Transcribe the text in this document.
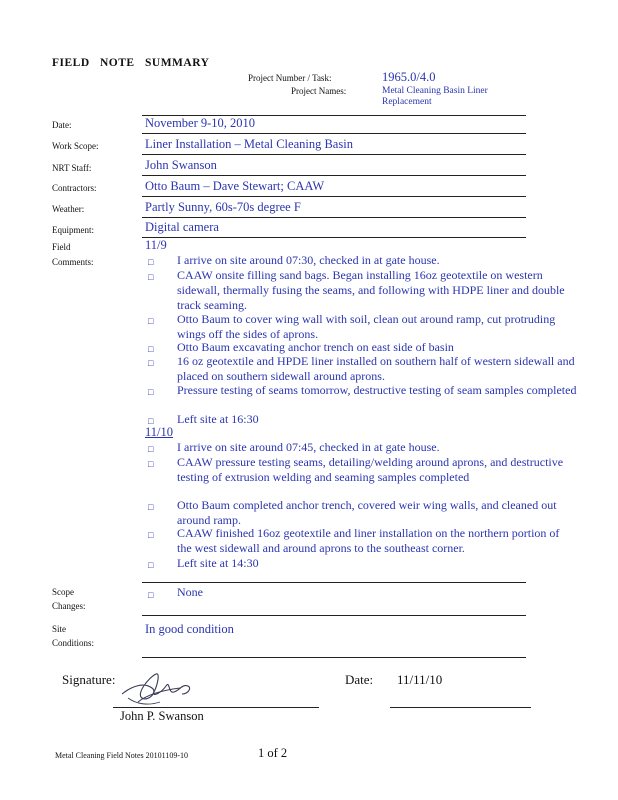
FIELD NOTE SUMMARY
Project Number / Task:	1965.0/4.0
Project Names:	Metal Cleaning Basin Liner
Replacement
Date:	November 9-10, 2010
Work Scope:	Liner Installation – Metal Cleaning Basin
NRT Staff:	John Swanson
Contractors:	Otto Baum – Dave Stewart; CAAW
Weather:	Partly Sunny, 60s-70s degree F
Equipment:	Digital camera
Field
Comments:
11/9
□ I arrive on site around 07:30, checked in at gate house.
□ CAAW onsite filling sand bags. Began installing 16oz geotextile on western sidewall, thermally fusing the seams, and following with HDPE liner and double track seaming.
□ Otto Baum to cover wing wall with soil, clean out around ramp, cut protruding wings off the sides of aprons.
□ Otto Baum excavating anchor trench on east side of basin
□ 16 oz geotextile and HPDE liner installed on southern half of western sidewall and placed on southern sidewall around aprons.
□ Pressure testing of seams tomorrow, destructive testing of seam samples completed
□ Left site at 16:30
11/10
□ I arrive on site around 07:45, checked in at gate house.
□ CAAW pressure testing seams, detailing/welding around aprons, and destructive testing of extrusion welding and seaming samples completed
□ Otto Baum completed anchor trench, covered weir wing walls, and cleaned out around ramp.
□ CAAW finished 16oz geotextile and liner installation on the northern portion of the west sidewall and around aprons to the southeast corner.
□ Left site at 14:30
Scope
Changes:
□ None
Site
Conditions:
In good condition
Signature:
John P. Swanson
Date: 11/11/10
Metal Cleaning Field Notes 20101109-10	1 of 2
